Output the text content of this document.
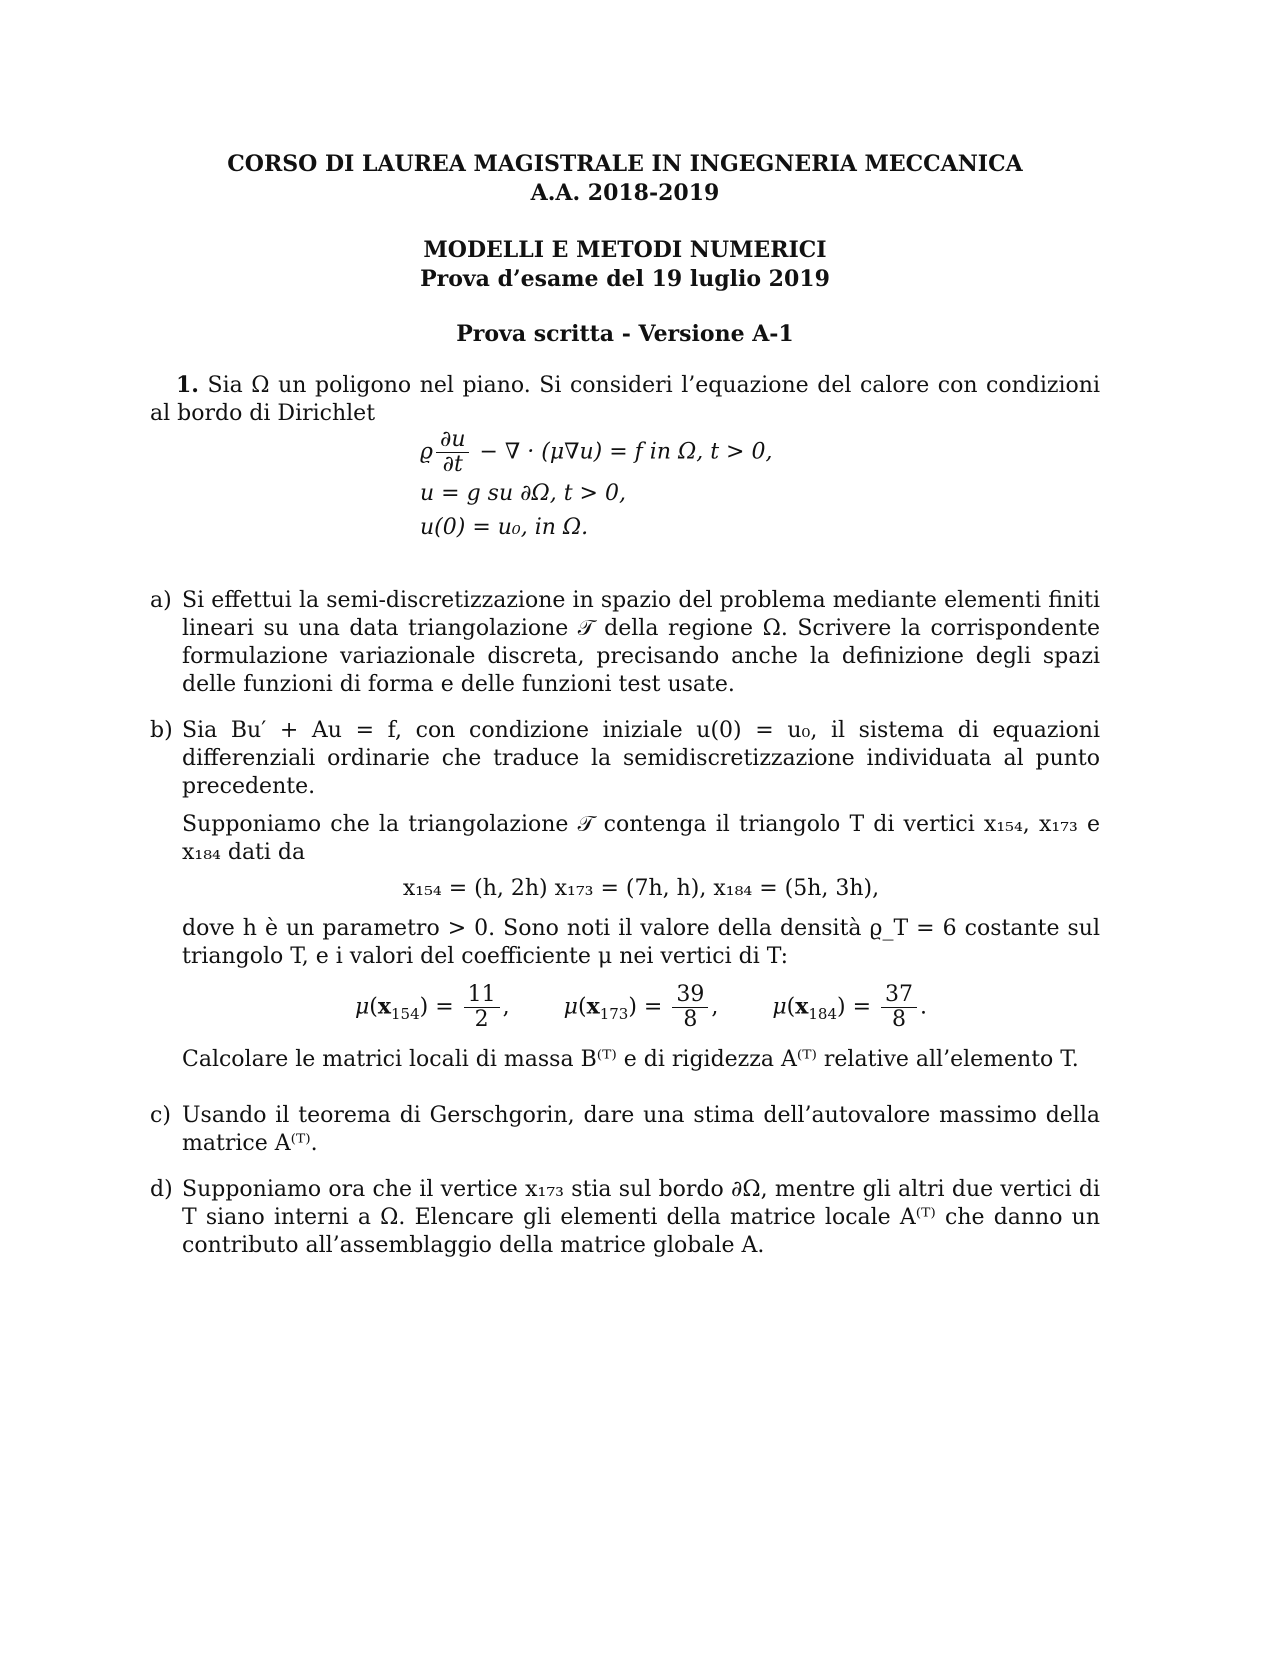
CORSO DI LAUREA MAGISTRALE IN INGEGNERIA MECCANICA
A.A. 2018-2019
MODELLI E METODI NUMERICI
Prova d’esame del 19 luglio 2019
Prova scritta - Versione A-1
1. Sia Ω un poligono nel piano. Si consideri l’equazione del calore con condizioni al bordo di Dirichlet
ϱ $\frac{\partial u}{\partial t}$ − ∇ · (μ∇u) = f in Ω, t > 0,
u = g su ∂Ω, t > 0,
u(0) = u₀, in Ω.
a) Si effettui la semi-discretizzazione in spazio del problema mediante elementi finiti lineari su una data triangolazione 𝒯 della regione Ω. Scrivere la corrispondente formulazione variazionale discreta, precisando anche la definizione degli spazi delle funzioni di forma e delle funzioni test usate.
b) Sia Bu′ + Au = f, con condizione iniziale u(0) = u₀, il sistema di equazioni differenziali ordinarie che traduce la semidiscretizzazione individuata al punto precedente.

Supponiamo che la triangolazione 𝒯 contenga il triangolo T di vertici x₁₅₄, x₁₇₃ e x₁₈₄ dati da

x₁₅₄ = (h, 2h) x₁₇₃ = (7h, h), x₁₈₄ = (5h, 3h),

dove h è un parametro > 0. Sono noti il valore della densità ϱ_T = 6 costante sul triangolo T, e i valori del coefficiente μ nei vertici di T:

$\mu(x_{154}) = \frac{11}{2}$ ,  $\mu(x_{173}) = \frac{39}{8}$ ,  $\mu(x_{184}) = \frac{37}{8}$ .

Calcolare le matrici locali di massa B⁽ᵀ⁾ e di rigidezza A⁽ᵀ⁾ relative all’elemento T.

c) Usando il teorema di Gerschgorin, dare una stima dell’autovalore massimo della matrice A⁽ᵀ⁾.
d) Supponiamo ora che il vertice x₁₇₃ stia sul bordo ∂Ω, mentre gli altri due vertici di T siano interni a Ω. Elencare gli elementi della matrice locale A⁽ᵀ⁾ che danno un contributo all’assemblaggio della matrice globale A.
